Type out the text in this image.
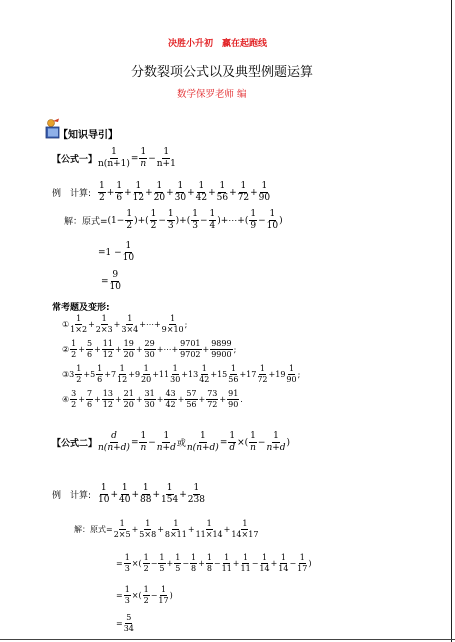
决胜小升初　赢在起跑线
分数裂项公式以及典型例题运算
数学保罗老师 编
【知识导引】
【公式一】 $\frac{1}{n(n+1)} = \frac{1}{n} - \frac{1}{n+1}$
例　计算: $\frac{1}{2} + \frac{1}{6} + \frac{1}{12} + \frac{1}{20} + \frac{1}{30} + \frac{1}{42} + \frac{1}{56} + \frac{1}{72} + \frac{1}{90}$
解：原式= ($1- \frac{1}{2}$ )+( $\frac{1}{2} - \frac{1}{3}$ )+( $\frac{1}{3} - \frac{1}{4}$ )+⋯+( $\frac{1}{9} - \frac{1}{10}$ )
$=1 - \frac{1}{10}$
= $\frac{9}{10}$
常考题及变形:
① $\frac{1}{1\times 2} + \frac{1}{2\times 3} + \frac{1}{3\times 4}$ +⋯+ $\frac{1}{9\times 10}$ ;
② $\frac{1}{2} + \frac{5}{6} + \frac{11}{12} + \frac{19}{20} + \frac{29}{30}$ +⋯+ $\frac{9701}{9702} + \frac{9899}{9900}$ ;
③ $3 \frac{1}{2} + 5 \frac{1}{6} + 7 \frac{1}{12} + 9 \frac{1}{20} + 11 \frac{1}{30} + 13 \frac{1}{42} + 15 \frac{1}{56} + 17 \frac{1}{72} + 19 \frac{1}{90}$ ;
④ $\frac{3}{2} + \frac{7}{6} + \frac{13}{12} + \frac{21}{20} + \frac{31}{30} + \frac{43}{42} + \frac{57}{56} + \frac{73}{72} + \frac{91}{90}$ .
【公式二】 $\frac{d}{n(n+d)} = \frac{1}{n} - \frac{1}{n+d}$ 或 $\frac{1}{n(n+d)} = \frac{1}{d}$ ×( $\frac{1}{n} - \frac{1}{n+d}$ )
例　计算: $\frac{1}{10} + \frac{1}{40} + \frac{1}{88} + \frac{1}{154} + \frac{1}{238}$
解：原式= $\frac{1}{2\times 5} + \frac{1}{5\times 8} + \frac{1}{8\times 11} + \frac{1}{11\times 14} + \frac{1}{14\times 17}$
= $\frac{1}{3}$ ×( $\frac{1}{2} - \frac{1}{5} + \frac{1}{5} - \frac{1}{8} + \frac{1}{8} - \frac{1}{11} + \frac{1}{11} - \frac{1}{14} + \frac{1}{14} - \frac{1}{17}$ )
= $\frac{1}{3}$ ×( $\frac{1}{2} - \frac{1}{17}$ )
= $\frac{5}{34}$
